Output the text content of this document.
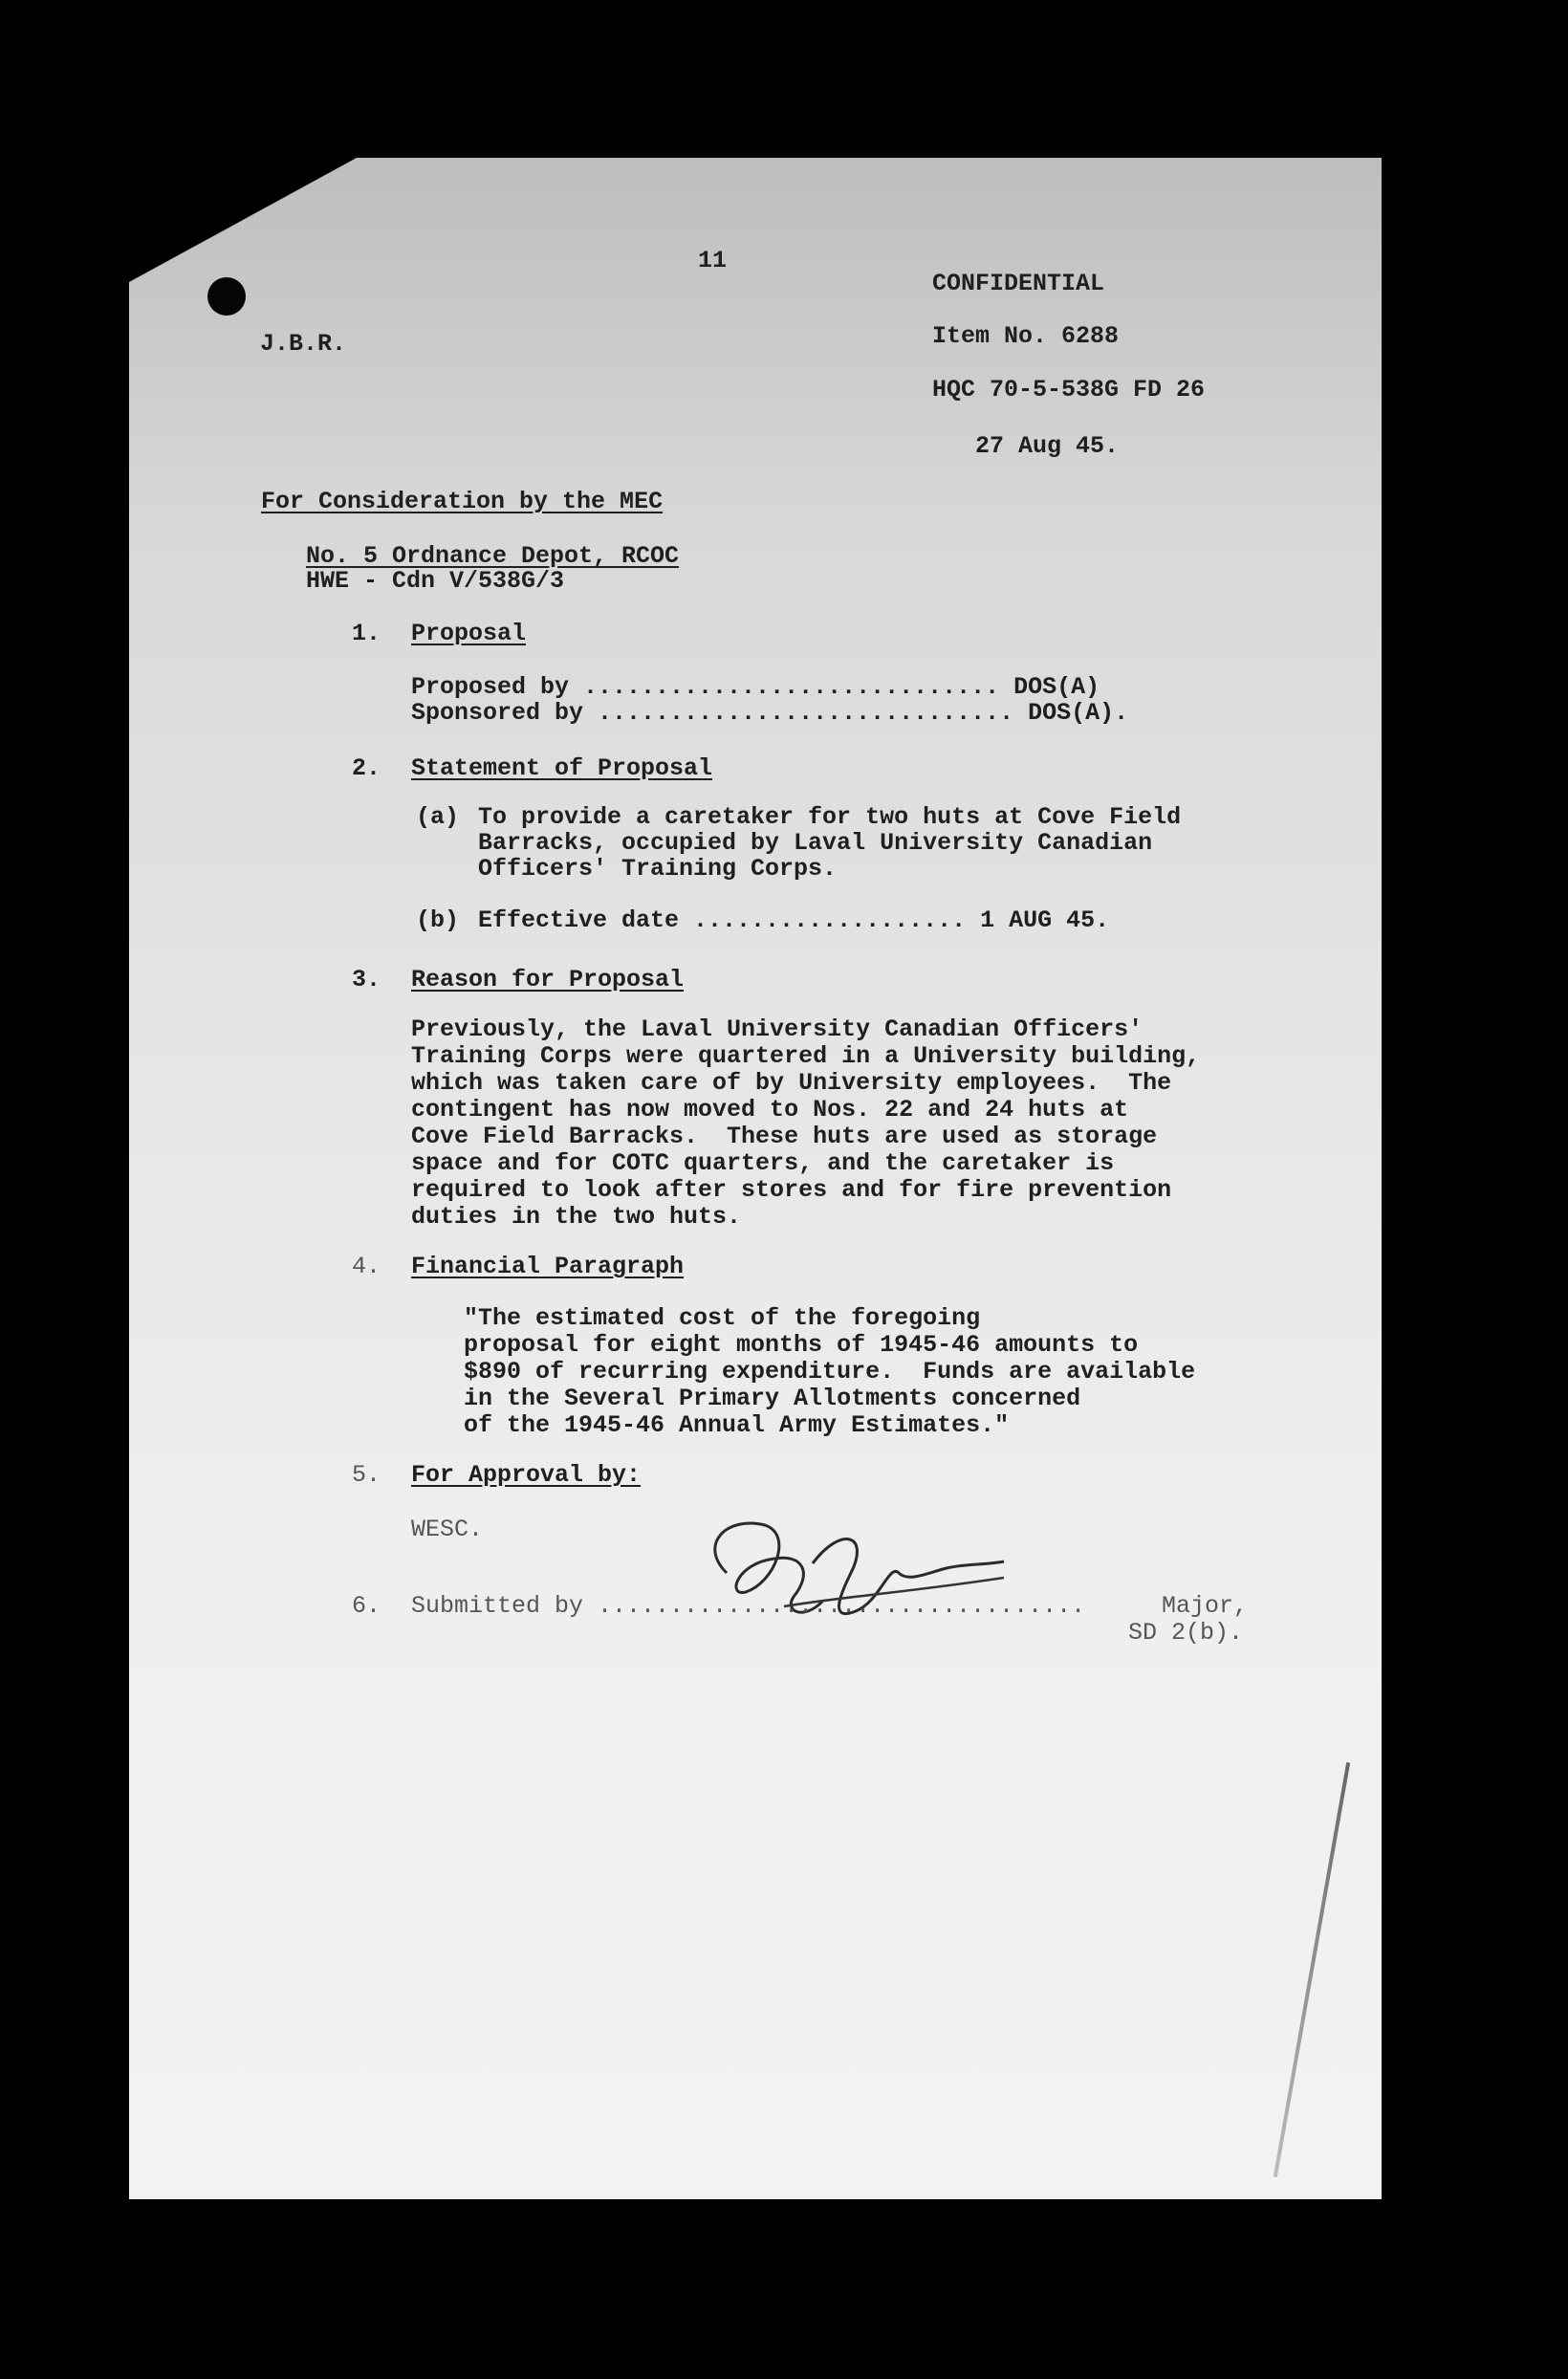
11
J.B.R.
CONFIDENTIAL
Item No. 6288
HQC 70-5-538G FD 26
27 Aug 45.
For Consideration by the MEC
No. 5 Ordnance Depot, RCOC
HWE - Cdn V/538G/3
1. Proposal
Proposed by ............................. DOS(A)
Sponsored by ............................. DOS(A).
2. Statement of Proposal
(a) To provide a caretaker for two huts at Cove Field
Barracks, occupied by Laval University Canadian
Officers' Training Corps.
(b) Effective date ................... 1 AUG 45.
3. Reason for Proposal
Previously, the Laval University Canadian Officers'
Training Corps were quartered in a University building,
which was taken care of by University employees.  The
contingent has now moved to Nos. 22 and 24 huts at
Cove Field Barracks.  These huts are used as storage
space and for COTC quarters, and the caretaker is
required to look after stores and for fire prevention
duties in the two huts.
4. Financial Paragraph
"The estimated cost of the foregoing
proposal for eight months of 1945-46 amounts to
$890 of recurring expenditure.  Funds are available
in the Several Primary Allotments concerned
of the 1945-46 Annual Army Estimates."
5. For Approval by:
WESC.
6. Submitted by ..................................	Major,
SD 2(b).
